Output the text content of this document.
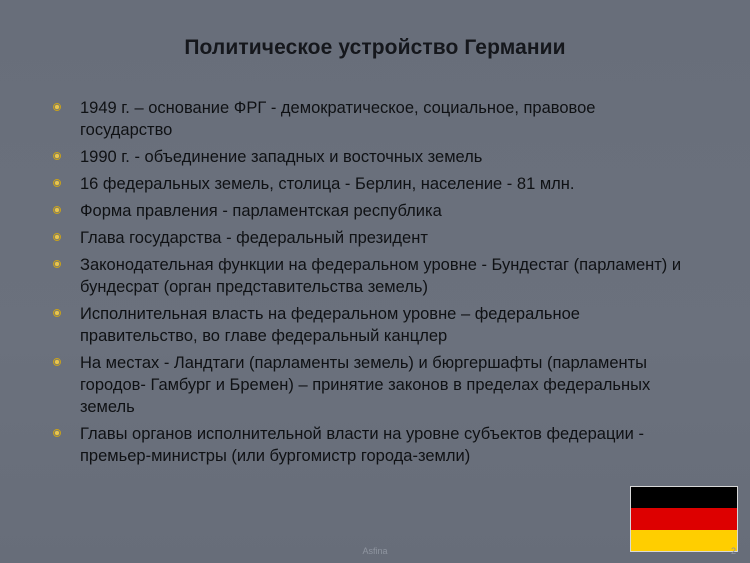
Политическое устройство Германии
1949 г. – основание ФРГ - демократическое, социальное, правовое государство
1990 г. - объединение западных и восточных земель
16 федеральных земель, столица - Берлин, население - 81 млн.
Форма правления - парламентская республика
Глава государства - федеральный президент
Законодательная функции на федеральном уровне - Бундестаг (парламент) и бундесрат (орган представительства земель)
Исполнительная власть на федеральном уровне – федеральное правительство, во главе федеральный канцлер
На местах - Ландтаги (парламенты земель) и бюргершафты (парламенты городов- Гамбург и Бремен) – принятие законов в пределах федеральных земель
Главы органов исполнительной власти на уровне субъектов федерации - премьер-министры (или бургомистр города-земли)
Asfina	2
